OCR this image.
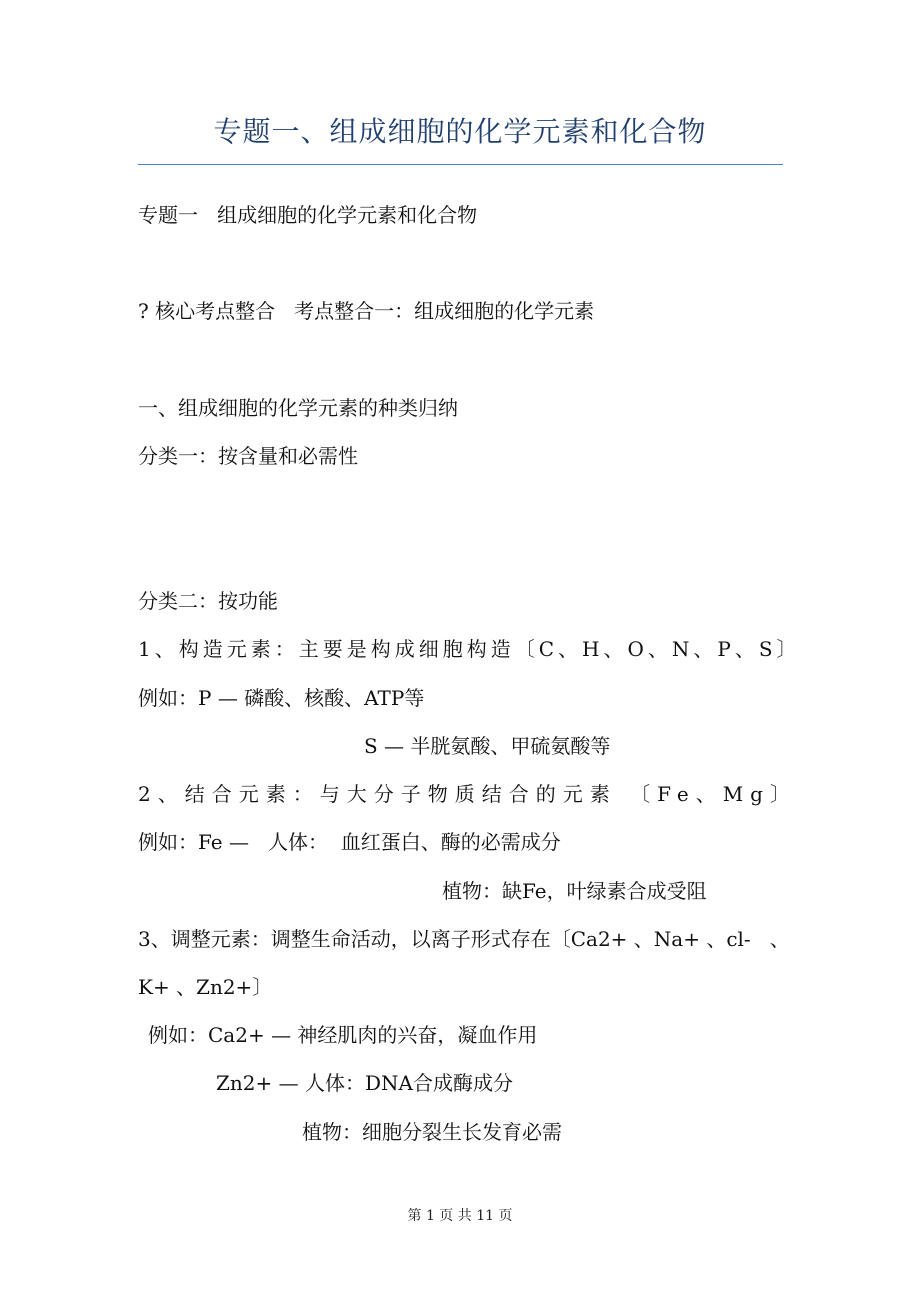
专题一、组成细胞的化学元素和化合物
专题一   组成细胞的化学元素和化合物
? 核心考点整合   考点整合一：组成细胞的化学元素
一、组成细胞的化学元素的种类归纳
分类一：按含量和必需性
分类二：按功能
1、构造元素：主要是构成细胞构造〔C、H、O、N、P、S〕
例如：P — 磷酸、核酸、ATP等
S — 半胱氨酸、甲硫氨酸等
2、结合元素：与大分子物质结合的元素 〔Fe、Mg〕
例如：Fe —   人体：  血红蛋白、酶的必需成分
植物：缺Fe，叶绿素合成受阻
3、调整元素：调整生命活动，以离子形式存在〔Ca2+ 、Na+ 、cl-   、
K+ 、Zn2+〕
例如：Ca2+ — 神经肌肉的兴奋，凝血作用
Zn2+ — 人体：DNA合成酶成分
植物：细胞分裂生长发育必需
第 1 页 共 11 页
